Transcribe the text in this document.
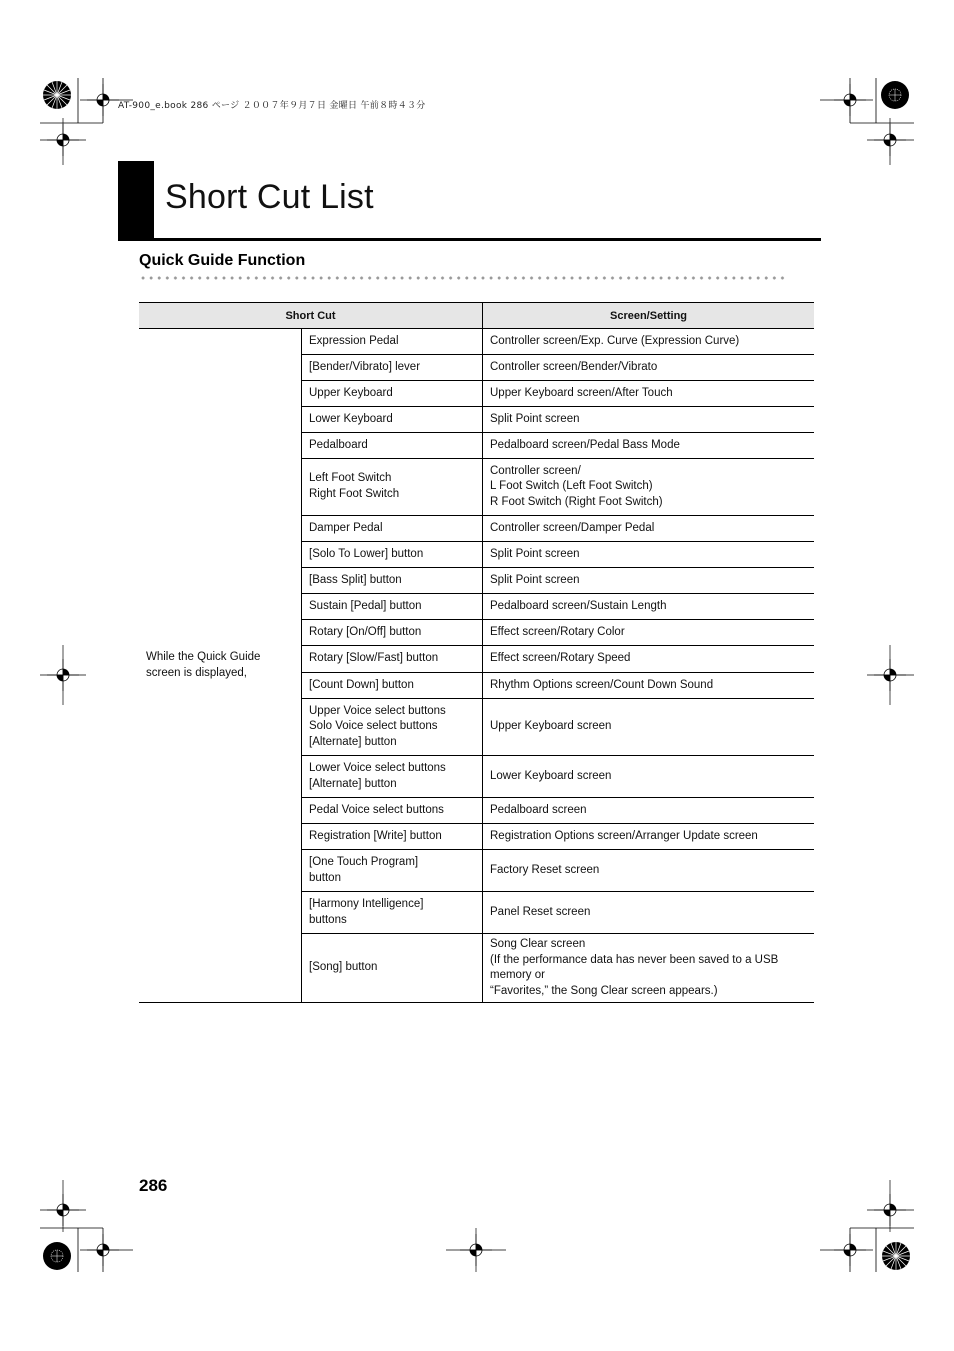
AT-900_e.book 286 ページ ２００７年９月７日 金曜日 午前８時４３分
Short Cut List
Quick Guide Function
Short Cut		Screen/Setting
While the Quick Guide
screen is displayed,	Expression Pedal	Controller screen/Exp. Curve (Expression Curve)
	[Bender/Vibrato] lever	Controller screen/Bender/Vibrato
	Upper Keyboard	Upper Keyboard screen/After Touch
	Lower Keyboard	Split Point screen
	Pedalboard	Pedalboard screen/Pedal Bass Mode
	Left Foot Switch
Right Foot Switch	Controller screen/
L Foot Switch (Left Foot Switch)
R Foot Switch (Right Foot Switch)
	Damper Pedal	Controller screen/Damper Pedal
	[Solo To Lower] button	Split Point screen
	[Bass Split] button	Split Point screen
	Sustain [Pedal] button	Pedalboard screen/Sustain Length
	Rotary [On/Off] button	Effect screen/Rotary Color
	Rotary [Slow/Fast] button	Effect screen/Rotary Speed
	[Count Down] button	Rhythm Options screen/Count Down Sound
	Upper Voice select buttons
Solo Voice select buttons
[Alternate] button	Upper Keyboard screen
	Lower Voice select buttons
[Alternate] button	Lower Keyboard screen
	Pedal Voice select buttons	Pedalboard screen
	Registration [Write] button	Registration Options screen/Arranger Update screen
	[One Touch Program]
button	Factory Reset screen
	[Harmony Intelligence]
buttons	Panel Reset screen
	[Song] button	Song Clear screen
(If the performance data has never been saved to a USB memory or
“Favorites,” the Song Clear screen appears.)
286
